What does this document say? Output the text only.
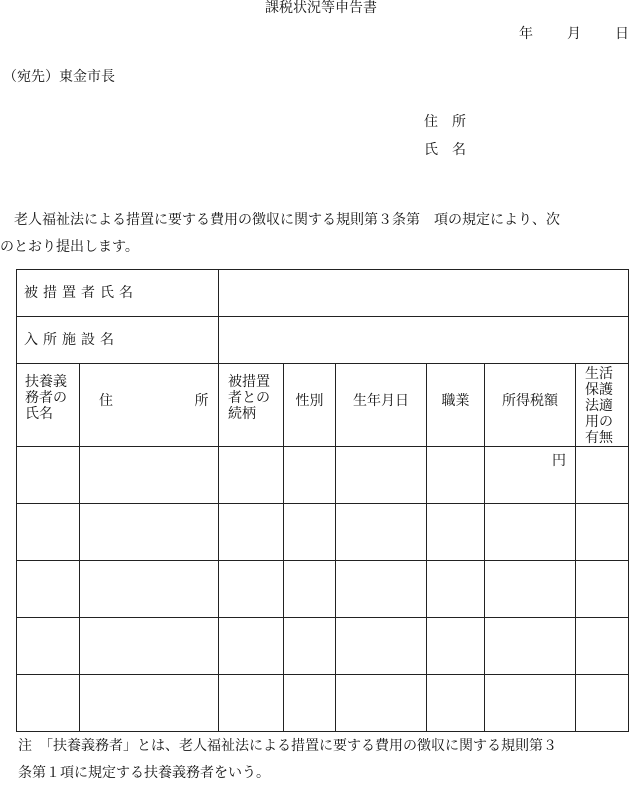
課税状況等申告書
年 月 日
（宛先）東金市長
住　所
氏　名
老人福祉法による措置に要する費用の徴収に関する規則第３条第　項の規定により、次
のとおり提出します。
被措置者氏名							
入所施設名							

扶養義務者の氏名	住 所	被措置者との続柄	性別	生年月日	職業	所得税額	生活保護法適用の有無

						円	

注　「扶養義務者」とは、老人福祉法による措置に要する費用の徴収に関する規則第３
条第１項に規定する扶養義務者をいう。
